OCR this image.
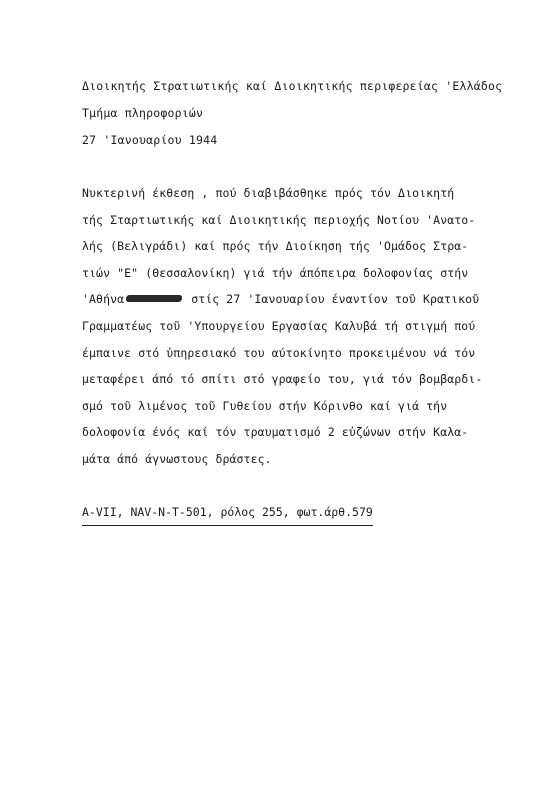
Διοικητής Στρατιωτικής καί Διοικητικής περιφερείας 'Ελλάδος
Τμήμα πληροφοριών
27 'Ιανουαρίου 1944
Νυκτερινή έκθεση , πού διαβιβάσθηκε πρός τόν Διοικητή
τής Σταρτιωτικής καί Διοικητικής περιοχής Νοτίου 'Ανατο-
λής (Βελιγράδι) καί πρός τήν Διοίκηση τής 'Ομάδος Στρα-
τιών "Ε" (Θεσσαλονίκη) γιά τήν άπόπειρα δολοφονίας στήν
'Αθήνα	στίς 27 'Ιανουαρίου έναντίον τοῦ Κρατικοῦ
Γραμματέως τοῦ 'Υπουργείου Εργασίας Καλυβά τή στιγμή πού
έμπαινε στό ὑπηρεσιακό του αύτοκίνητο προκειμένου νά τόν
μεταφέρει άπό τό σπίτι στό γραφείο του, γιά τόν βομβαρδι-
σμό τοῦ λιμένος τοῦ Γυθείου στήν Κόρινθο καί γιά τήν
δολοφονία ένός καί τόν τραυματισμό 2 εὐζώνων στήν Καλα-
μάτα άπό άγνωστους δράστες.
A-VII, NAV-N-T-501, ρόλος 255, φωτ.άρθ.579
